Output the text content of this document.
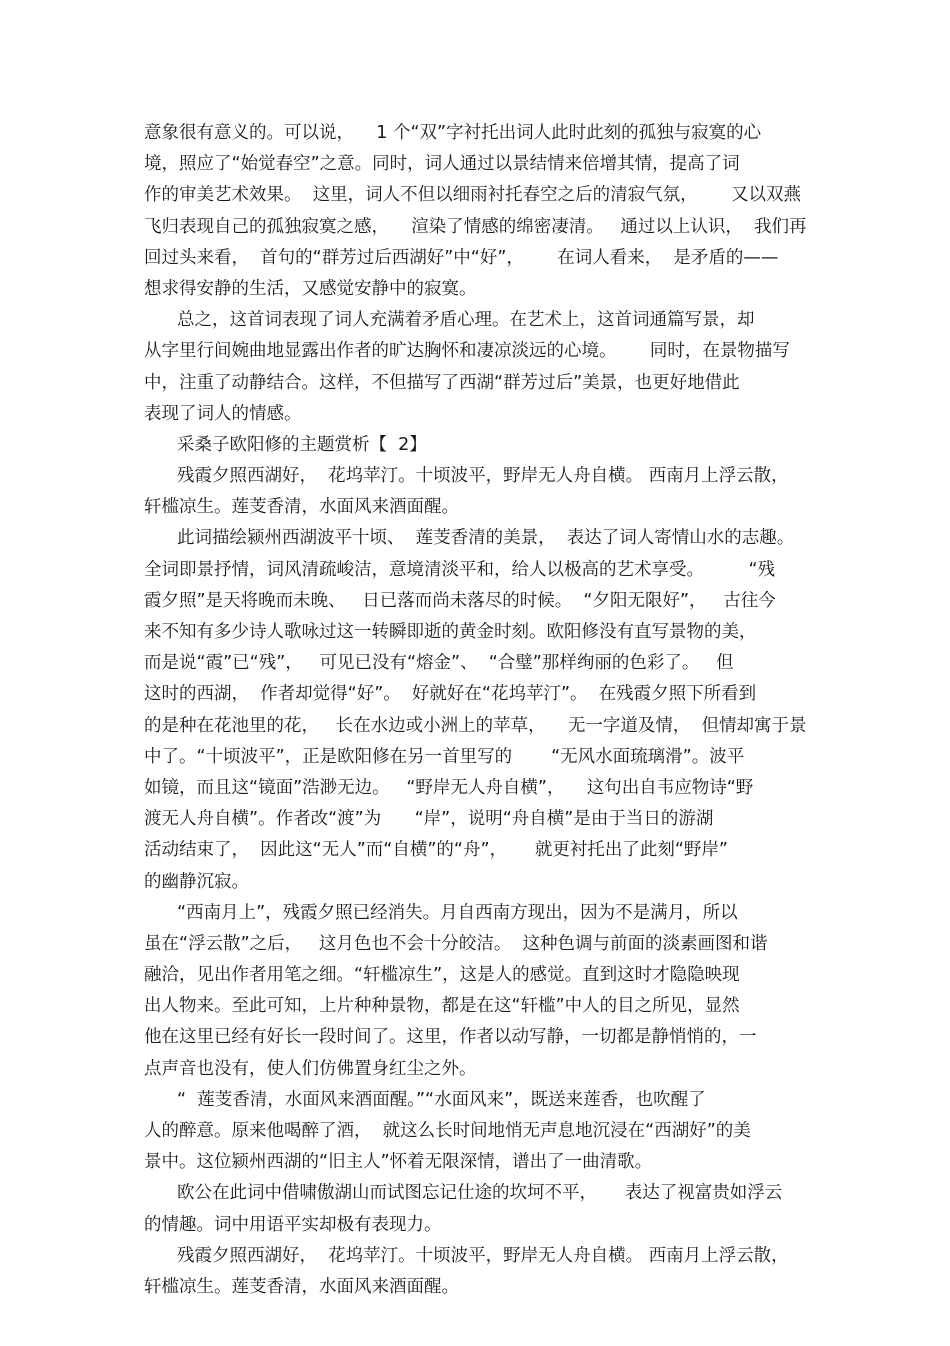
意象很有意义的。可以说，    1 个“双”字衬托出词人此时此刻的孤独与寂寞的心
境，照应了“始觉春空”之意。同时，词人通过以景结情来倍增其情，提高了词
作的审美艺术效果。  这里，词人不但以细雨衬托春空之后的清寂气氛，      又以双燕
飞归表现自己的孤独寂寞之感，    渲染了情感的绵密凄清。   通过以上认识，  我们再
回过头来看，  首句的“群芳过后西湖好”中“好”，      在词人看来，  是矛盾的——
想求得安静的生活，又感觉安静中的寂寞。
总之，这首词表现了词人充满着矛盾心理。在艺术上，这首词通篇写景，却
从字里行间婉曲地显露出作者的旷达胸怀和凄凉淡远的心境。      同时，在景物描写
中，注重了动静结合。这样，不但描写了西湖“群芳过后”美景，也更好地借此
表现了词人的情感。
采桑子欧阳修的主题赏析【  2】
残霞夕照西湖好，  花坞苹汀。十顷波平，野岸无人舟自横。 西南月上浮云散，
轩槛凉生。莲芰香清，水面风来酒面醒。
此词描绘颍州西湖波平十顷、  莲芰香清的美景，  表达了词人寄情山水的志趣。
全词即景抒情，词风清疏峻洁，意境清淡平和，给人以极高的艺术享受。        “残
霞夕照”是天将晚而未晚、   日已落而尚未落尽的时候。  “夕阳无限好”，   古往今
来不知有多少诗人歌咏过这一转瞬即逝的黄金时刻。欧阳修没有直写景物的美，
而是说“霞”已“残”，   可见已没有“熔金”、  “合璧”那样绚丽的色彩了。   但
这时的西湖，  作者却觉得“好”。  好就好在“花坞苹汀”。  在残霞夕照下所看到
的是种在花池里的花，   长在水边或小洲上的苹草，    无一字道及情，  但情却寓于景
中了。“十顷波平”，正是欧阳修在另一首里写的       “无风水面琉璃滑”。波平
如镜，而且这“镜面”浩渺无边。   “野岸无人舟自横”，    这句出自韦应物诗“野
渡无人舟自横”。作者改“渡”为      “岸”，说明“舟自横”是由于当日的游湖
活动结束了，  因此这“无人”而“自横”的“舟”，     就更衬托出了此刻“野岸”
的幽静沉寂。
“西南月上”，残霞夕照已经消失。月自西南方现出，因为不是满月，所以
虽在“浮云散”之后，   这月色也不会十分皎洁。  这种色调与前面的淡素画图和谐
融洽，见出作者用笔之细。“轩槛凉生”，这是人的感觉。直到这时才隐隐映现
出人物来。至此可知，上片种种景物，都是在这“轩槛”中人的目之所见，显然
他在这里已经有好长一段时间了。这里，作者以动写静，一切都是静悄悄的，一
点声音也没有，使人们仿佛置身红尘之外。
“  莲芰香清，水面风来酒面醒。”“水面风来”，既送来莲香，也吹醒了
人的醉意。原来他喝醉了酒，  就这么长时间地悄无声息地沉浸在“西湖好”的美
景中。这位颍州西湖的“旧主人”怀着无限深情，谱出了一曲清歌。
欧公在此词中借啸傲湖山而试图忘记仕途的坎坷不平，     表达了视富贵如浮云
的情趣。词中用语平实却极有表现力。
残霞夕照西湖好，  花坞苹汀。十顷波平，野岸无人舟自横。 西南月上浮云散，
轩槛凉生。莲芰香清，水面风来酒面醒。
